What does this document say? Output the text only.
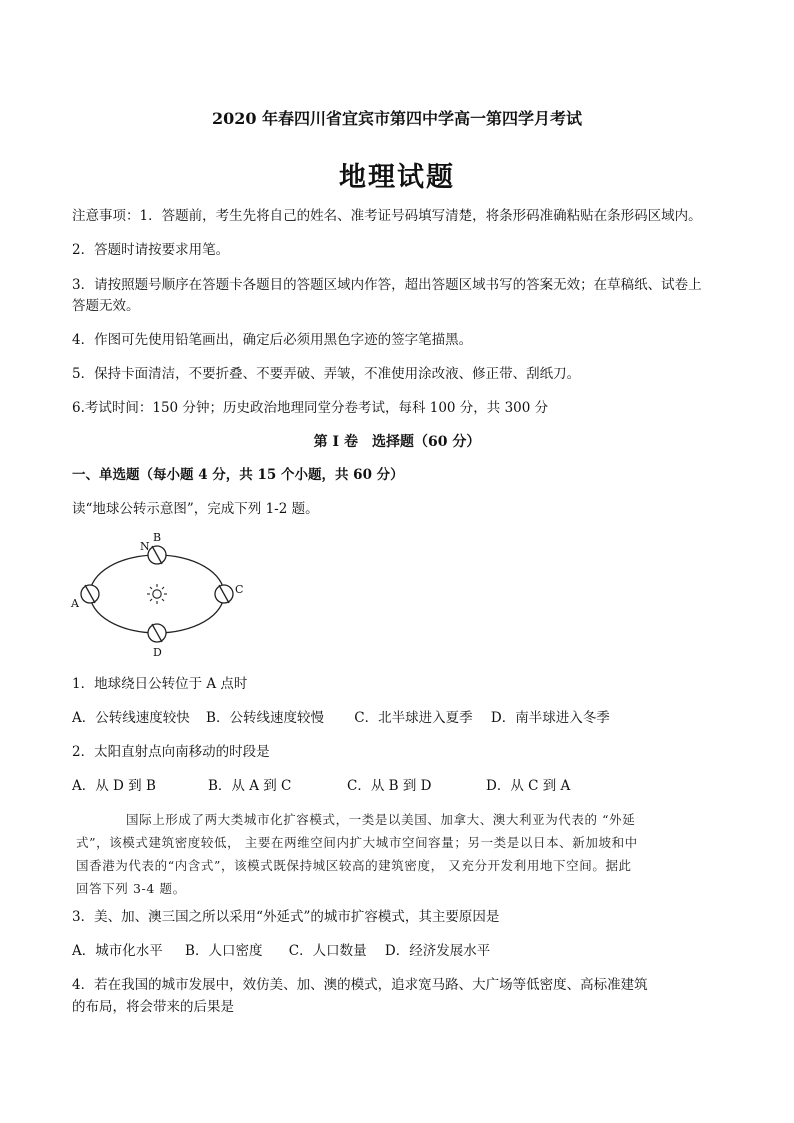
2020 年春四川省宜宾市第四中学高一第四学月考试
地理试题
注意事项：1．答题前，考生先将自己的姓名、准考证号码填写清楚，将条形码准确粘贴在条形码区域内。
2．答题时请按要求用笔。
3．请按照题号顺序在答题卡各题目的答题区域内作答，超出答题区域书写的答案无效；在草稿纸、试卷上
答题无效。
4．作图可先使用铅笔画出，确定后必须用黑色字迹的签字笔描黑。
5．保持卡面清洁，不要折叠、不要弄破、弄皱，不准使用涂改液、修正带、刮纸刀。
6.考试时间：150 分钟；历史政治地理同堂分卷考试，每科 100 分，共 300 分
第 I 卷　选择题（60 分）
一、单选题（每小题 4 分，共 15 个小题，共 60 分）
读“地球公转示意图”，完成下列 1-2 题。
N
B
A
C
D
1．地球绕日公转位于 A 点时
A．公转线速度较快 B．公转线速度较慢 C．北半球进入夏季 D．南半球进入冬季
2．太阳直射点向南移动的时段是
A．从 D 到 B	B．从 A 到 C	C．从 B 到 D	D．从 C 到 A
国际上形成了两大类城市化扩容模式，一类是以美国、加拿大、澳大利亚为代表的 “外延
式”，该模式建筑密度较低， 主要在两维空间内扩大城市空间容量；另一类是以日本、新加坡和中
国香港为代表的“内含式”，该模式既保持城区较高的建筑密度， 又充分开发利用地下空间。据此
回答下列 3-4 题。
3．美、加、澳三国之所以采用“外延式”的城市扩容模式，其主要原因是
A．城市化水平 B．人口密度 C．人口数量 D．经济发展水平
4．若在我国的城市发展中，效仿美、加、澳的模式，追求宽马路、大广场等低密度、高标准建筑
的布局，将会带来的后果是
